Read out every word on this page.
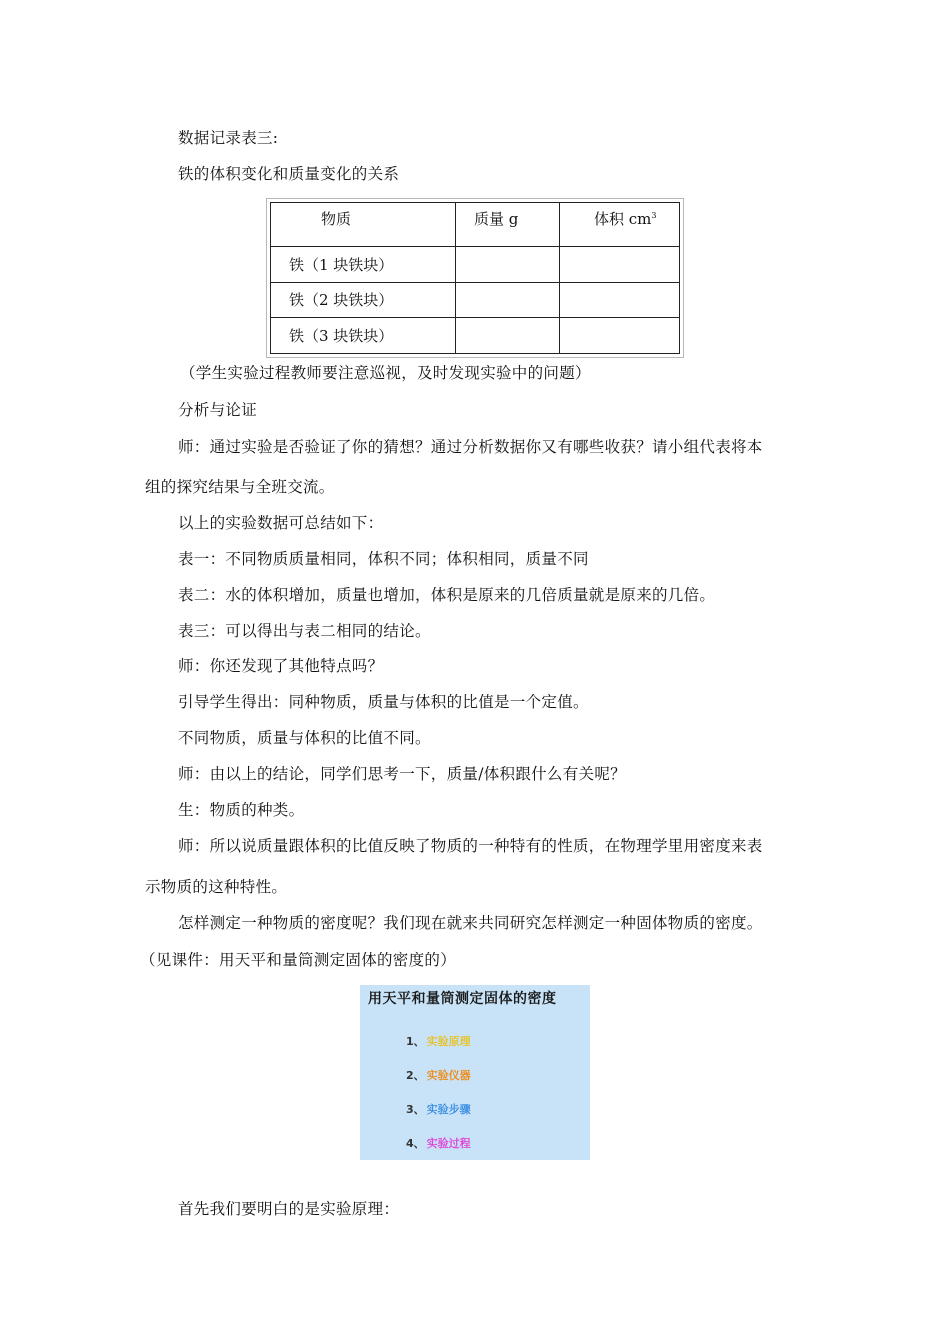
数据记录表三:
铁的体积变化和质量变化的关系
物质	质量 g	体积 $cm^3$
铁（1 块铁块）		
铁（2 块铁块）		
铁（3 块铁块）		
（学生实验过程教师要注意巡视，及时发现实验中的问题）
分析与论证
师：通过实验是否验证了你的猜想？通过分析数据你又有哪些收获？请小组代表将本
组的探究结果与全班交流。
以上的实验数据可总结如下：
表一：不同物质质量相同，体积不同；体积相同，质量不同
表二：水的体积增加，质量也增加，体积是原来的几倍质量就是原来的几倍。
表三：可以得出与表二相同的结论。
师：你还发现了其他特点吗？
引导学生得出：同种物质，质量与体积的比值是一个定值。
不同物质，质量与体积的比值不同。
师：由以上的结论，同学们思考一下，质量/体积跟什么有关呢？
生：物质的种类。
师：所以说质量跟体积的比值反映了物质的一种特有的性质，在物理学里用密度来表
示物质的这种特性。
怎样测定一种物质的密度呢？我们现在就来共同研究怎样测定一种固体物质的密度。
（见课件：用天平和量筒测定固体的密度的）
用天平和量筒测定固体的密度
1、 实验原理
2、 实验仪器
3、 实验步骤
4、 实验过程
首先我们要明白的是实验原理：
